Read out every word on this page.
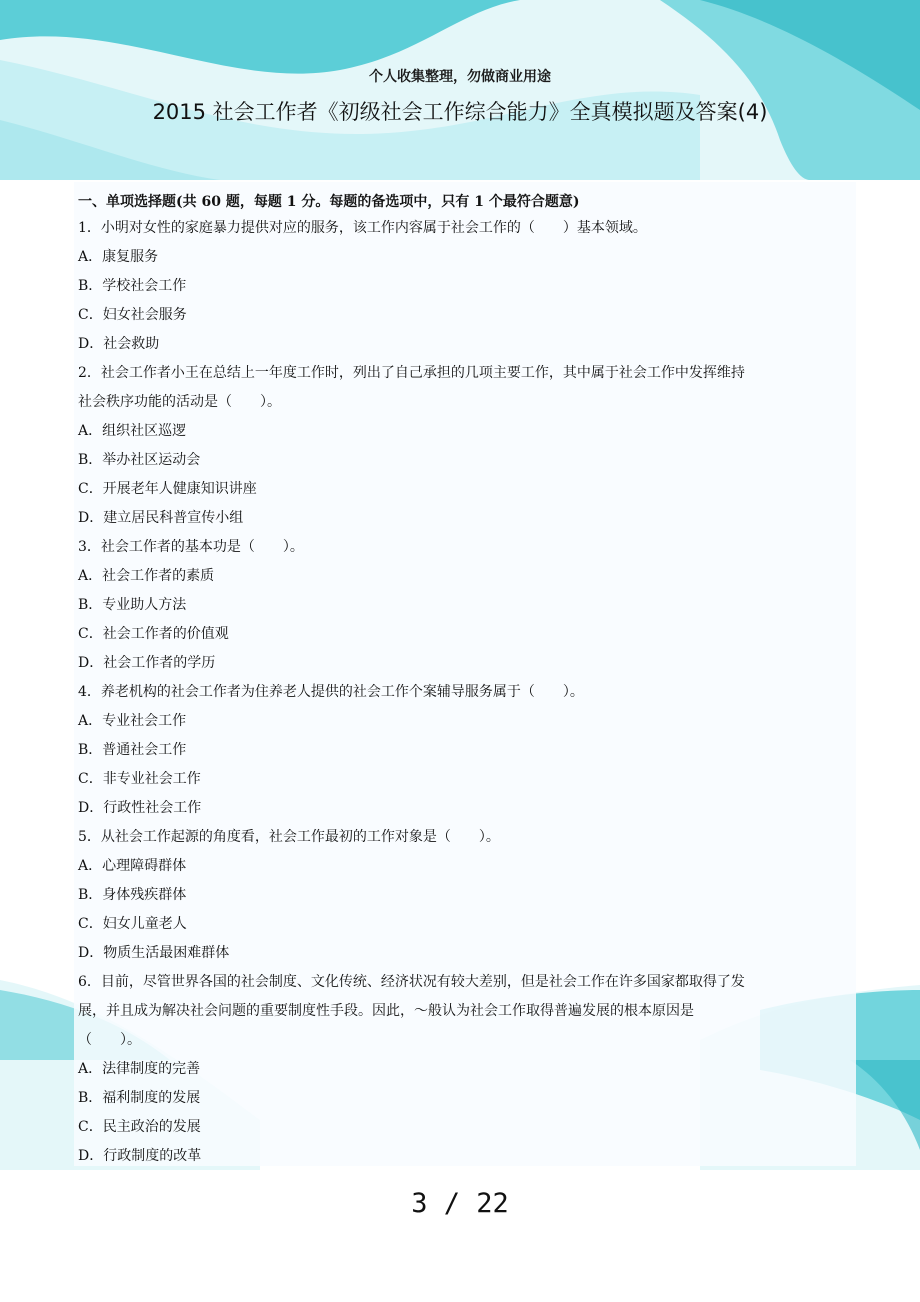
个人收集整理，勿做商业用途
2015 社会工作者《初级社会工作综合能力》全真模拟题及答案(4)
一、单项选择题(共 60 题，每题 1 分。每题的备选项中，只有 1 个最符合题意)
1．小明对女性的家庭暴力提供对应的服务，该工作内容属于社会工作的（　　）基本领域。
A．康复服务
B．学校社会工作
C．妇女社会服务
D．社会救助
2．社会工作者小王在总结上一年度工作时，列出了自己承担的几项主要工作，其中属于社会工作中发挥维持
社会秩序功能的活动是（　　）。
A．组织社区巡逻
B．举办社区运动会
C．开展老年人健康知识讲座
D．建立居民科普宣传小组
3．社会工作者的基本功是（　　）。
A．社会工作者的素质
B．专业助人方法
C．社会工作者的价值观
D．社会工作者的学历
4．养老机构的社会工作者为住养老人提供的社会工作个案辅导服务属于（　　）。
A．专业社会工作
B．普通社会工作
C．非专业社会工作
D．行政性社会工作
5．从社会工作起源的角度看，社会工作最初的工作对象是（　　）。
A．心理障碍群体
B．身体残疾群体
C．妇女儿童老人
D．物质生活最困难群体
6．目前，尽管世界各国的社会制度、文化传统、经济状况有较大差别，但是社会工作在许多国家都取得了发
展，并且成为解决社会问题的重要制度性手段。因此，～般认为社会工作取得普遍发展的根本原因是
（　　）。
A．法律制度的完善
B．福利制度的发展
C．民主政治的发展
D．行政制度的改革
3 / 22
